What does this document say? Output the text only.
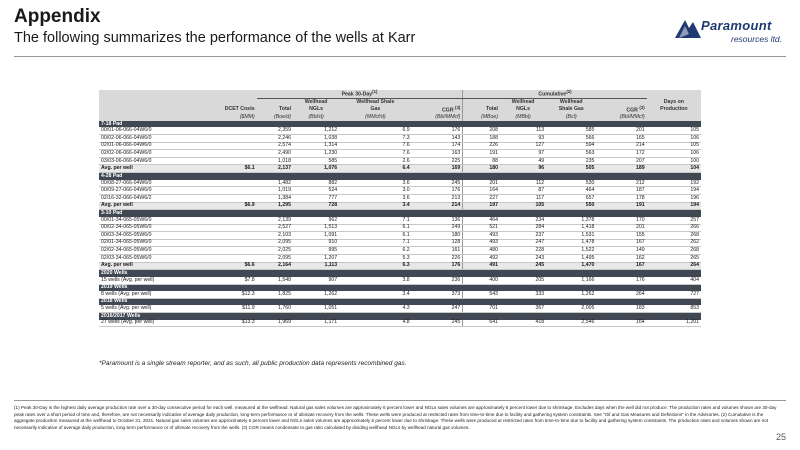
Appendix
The following summarizes the performance of the wells at Karr
Paramount
resources ltd.
		Peak 30-Day$^{(1)}$				Cumulative$^{(2)}$	
			Wellhead	Wellhead Shale			Wellhead	Wellhead		Days on
	DCET Costs	Total	NGLs	Gas	CGR $^{(3)}$	Total	NGLs	Shale Gas	CGR $^{(3)}$	Production
	($MM)	(Boe/d)	(Bbl/d)	(MMcf/d)	(Bbl/MMcf)	(MBoe)	(MBbl)	(Bcf)	(Bbl/MMcf)	
7-18 Pad										
00/01-06-066-04W6/0		2,359	1,212	6.9	176	208	113	585	201	105
00/02-06-066-04W6/0		2,246	1,038	7.3	143	188	93	566	165	106
02/01-06-066-04W6/0		2,574	1,314	7.6	174	226	127	594	214	105
02/02-06-066-04W6/0		2,490	1,230	7.6	163	191	97	563	172	106
03/03-06-066-04W6/0		1,018	585	2.6	225	88	49	235	207	100
Avg. per well	$6.1	2,137	1,076	6.4	169	180	96	505	189	104
4-28 Pad										
00/08-27-066-04W6/0		1,482	882	3.6	245	201	112	530	212	192
00/09-27-066-04W6/0		1,019	524	3.0	176	164	87	464	187	194
02/16-32-066-04W6/2		1,384	777	3.6	213	227	117	657	178	196
Avg. per well	$6.9	1,295	728	3.4	214	197	105	550	191	194
3-10 Pad										
00/01-34-065-05W6/0		2,139	962	7.1	136	464	234	1,378	170	257
00/02-34-065-05W6/0		2,527	1,513	6.1	249	521	284	1,418	201	266
00/03-34-065-05W6/0		2,103	1,091	6.1	180	493	237	1,531	155	268
02/01-34-065-05W6/0		2,095	910	7.1	128	493	247	1,478	167	262
02/02-34-065-05W6/0		2,025	995	6.2	161	480	228	1,522	149	268
02/03-34-065-05W6/0		2,095	1,207	5.3	226	492	243	1,495	162	265
Avg. per well	$6.6	2,164	1,113	6.3	176	491	245	1,470	167	264
2020 Wells										
15 wells (Avg. per well)	$7.8	1,548	907	3.8	236	400	205	1,166	176	404
2019 Wells										
8 wells (Avg. per well)	$12.3	1,825	1,262	3.4	373	543	333	1,262	264	727
2018 Wells										
5 wells (Avg. per well)	$11.9	1,760	1,051	4.3	247	701	367	2,005	183	853
2016/2017 Wells										
27 wells (Avg. per well)	$13.3	1,969	1,171	4.8	245	641	418	2,546	164	1,201
*Paramount is a single stream reporter, and as such, all public production data represents recombined gas.
(1) Peak 30-Day is the highest daily average production rate over a 30-day consecutive period for each well, measured at the wellhead. Natural gas sales volumes are approximately 6 percent lower and NGLs sales volumes are approximately 6 percent lower due to shrinkage. Excludes days when the well did not produce. The production rates and volumes shown are 30-day peak rates over a short period of time and, therefore, are not necessarily indicative of average daily production, long-term performance or of ultimate recovery from the wells. These wells were produced at restricted rates from time-to-time due to facility and gathering system constraints. See "Oil and Gas Measures and Definitions" in the Advisories. (2) Cumulative is the aggregate production measured at the wellhead to October 31, 2021. Natural gas sales volumes are approximately 6 percent lower and NGLs sales volumes are approximately 6 percent lower due to shrinkage. These wells were produced at restricted rates from time-to-time due to facility and gathering system constraints. The production rates and volumes shown are not necessarily indicative of average daily production, long-term performance or of ultimate recovery from the wells. (3) CGR means condensate to gas ratio calculated by dividing wellhead NGLs by wellhead natural gas volumes.
25
